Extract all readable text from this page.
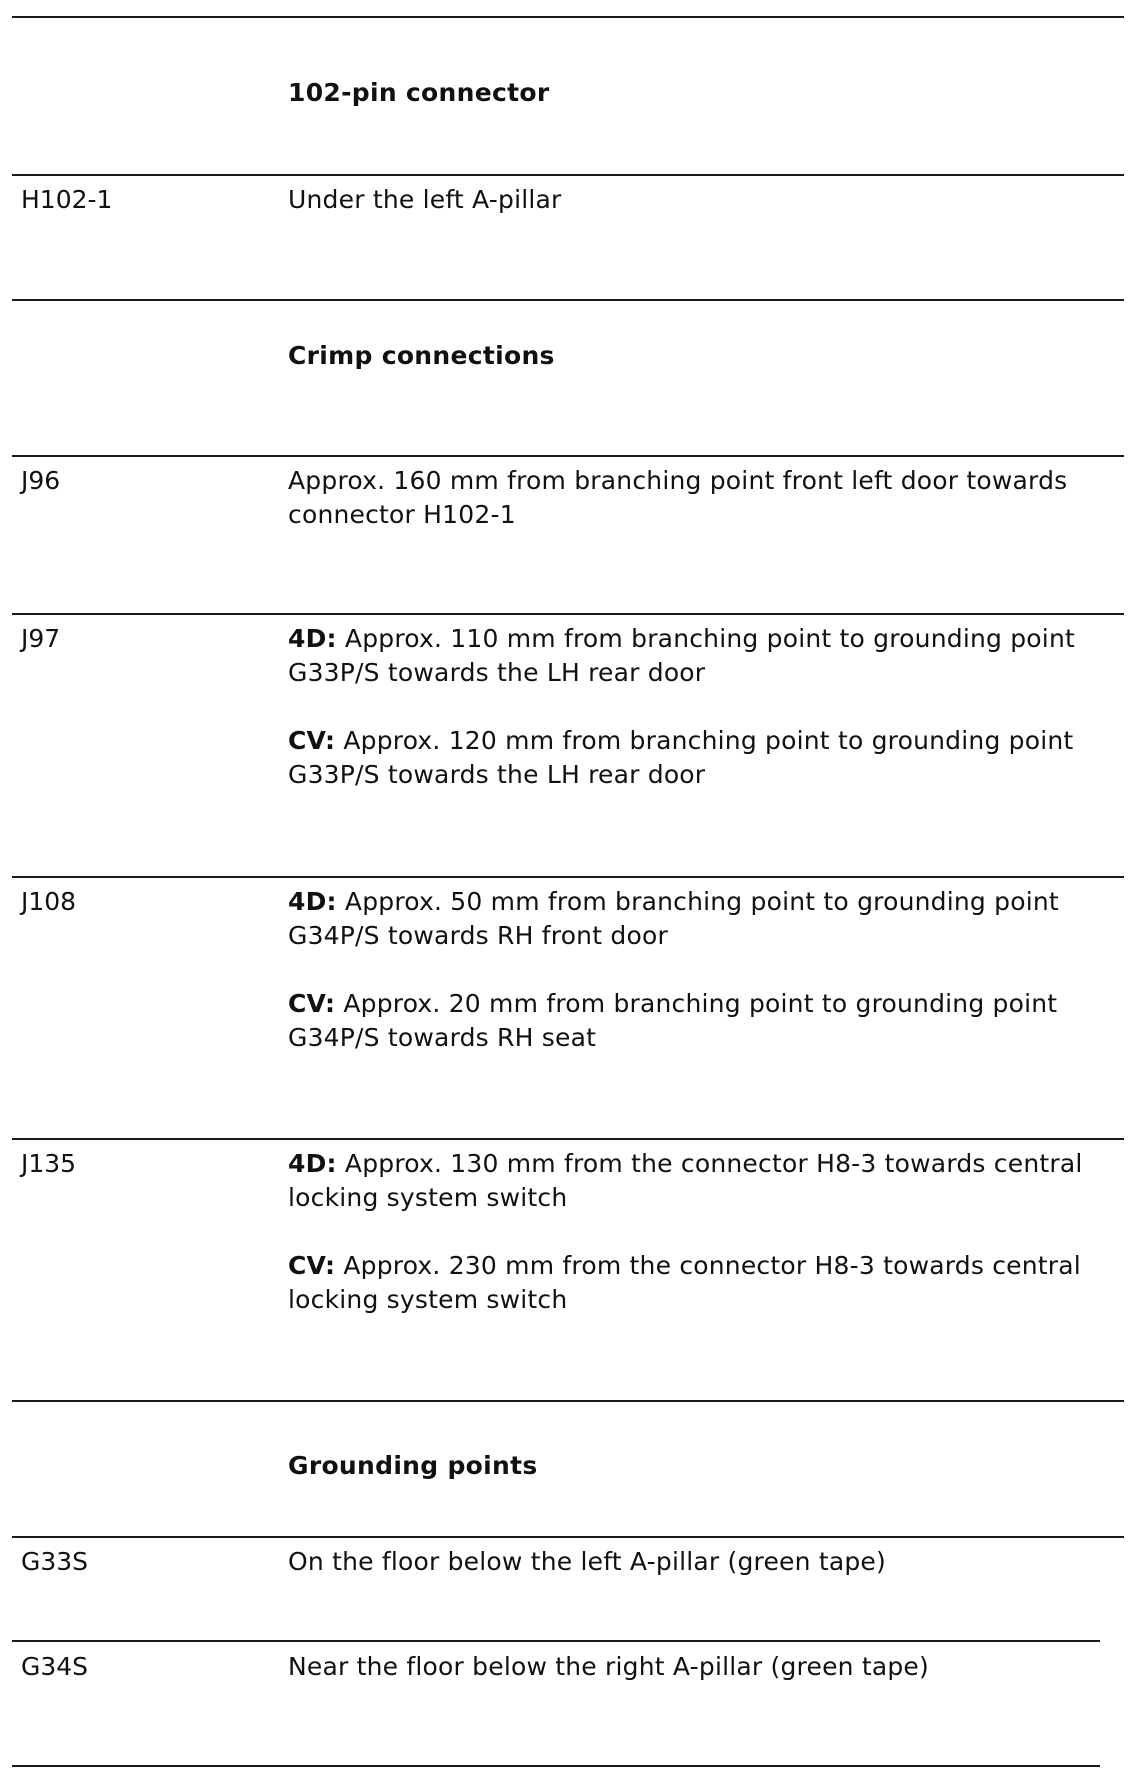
102-pin connector
H102-1	Under the left A-pillar

Crimp connections
J96	Approx. 160 mm from branching point front left door towards connector H102-1

J97	4D: Approx. 110 mm from branching point to grounding point G33P/S towards the LH rear door

CV: Approx. 120 mm from branching point to grounding point G33P/S towards the LH rear door

J108	4D: Approx. 50 mm from branching point to grounding point G34P/S towards RH front door

CV: Approx. 20 mm from branching point to grounding point G34P/S towards RH seat

J135	4D: Approx. 130 mm from the connector H8-3 towards central locking system switch

CV: Approx. 230 mm from the connector H8-3 towards central locking system switch

Grounding points
G33S	On the floor below the left A-pillar (green tape)

G34S	Near the floor below the right A-pillar (green tape)
